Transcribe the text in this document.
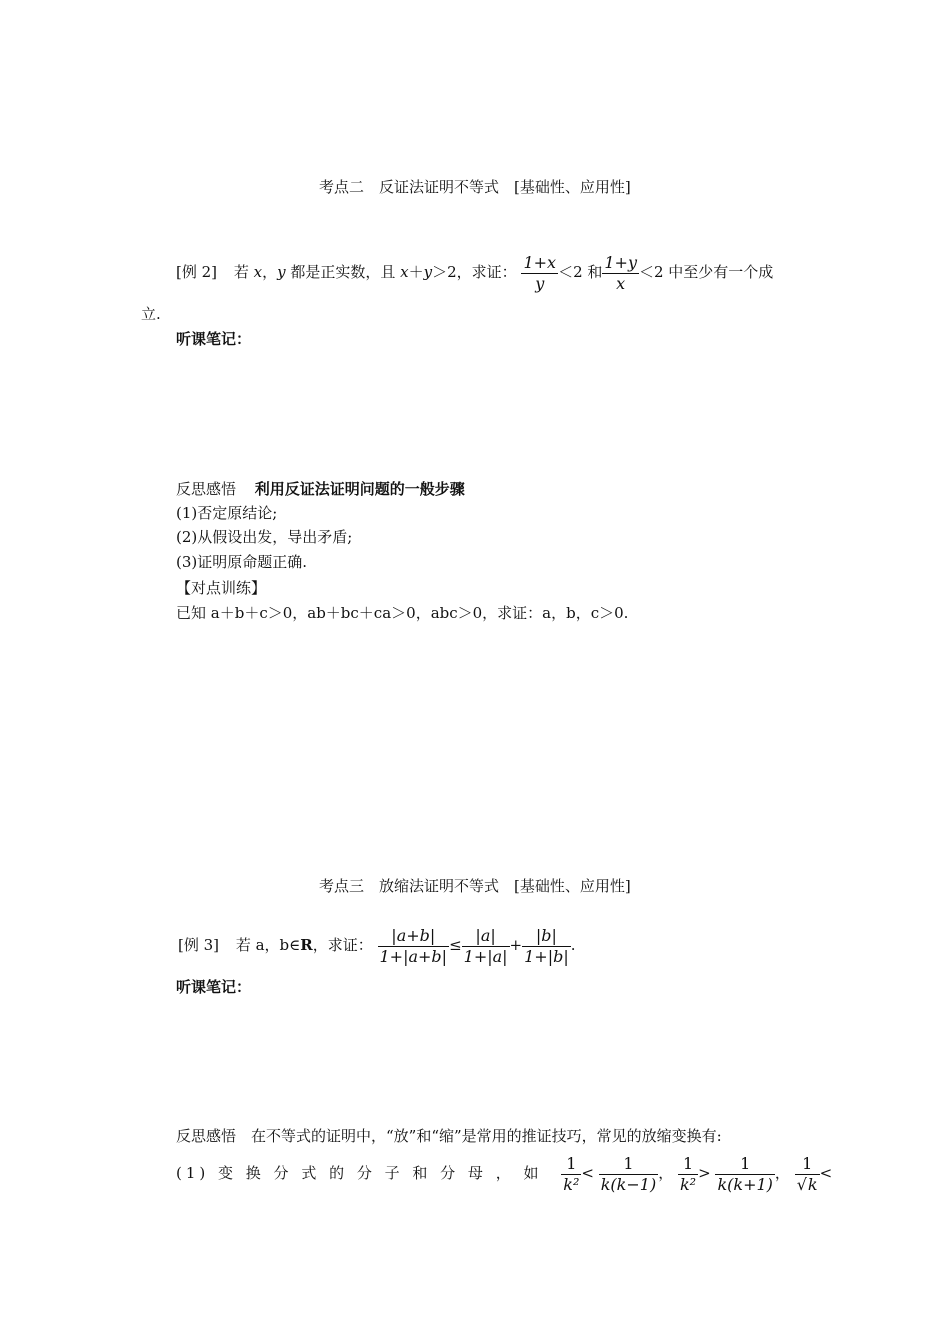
考点二　反证法证明不等式　[基础性、应用性]
[例 2] 若 x，y 都是正实数，且 x＋y＞2，求证： $\frac{1+x}{y} <2$ 和 $\frac{1+y}{x} <2$ 中至少有一个成
立.
听课笔记：
反思感悟 利用反证法证明问题的一般步骤
(1)否定原结论;
(2)从假设出发，导出矛盾;
(3)证明原命题正确.
【对点训练】
已知 a＋b＋c＞0，ab＋bc＋ca＞0，abc＞0，求证：a，b，c＞0.
考点三　放缩法证明不等式　[基础性、应用性]
[例 3] 若 a，b∈R，求证： $\frac{|a+b|}{1+|a+b|} \le \frac{|a|}{1+|a|} + \frac{|b|}{1+|b|}$ .
听课笔记：
反思感悟　在不等式的证明中，“放”和“缩”是常用的推证技巧，常见的放缩变换有:
(1) 变 换 分 式 的 分 子 和 分 母 ， 如 $\frac{1}{\text{k²}} < \frac{1}{k(k-1)}$ ， $\frac{1}{\text{k²}} > \frac{1}{k(k+1)}$ ， $\frac{1}{√k}$ <
